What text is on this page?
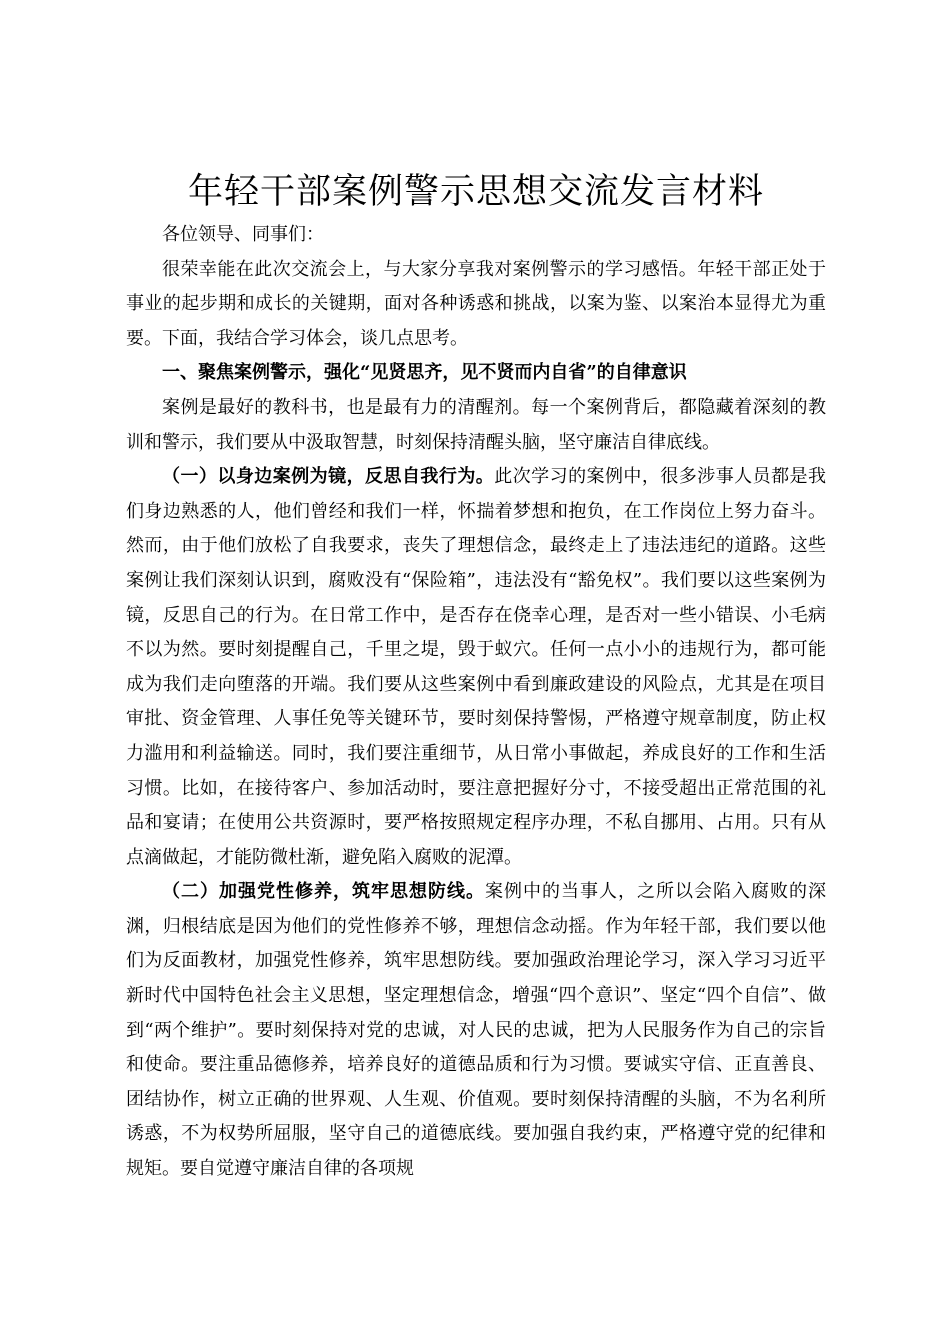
年轻干部案例警示思想交流发言材料

各位领导、同事们：

很荣幸能在此次交流会上，与大家分享我对案例警示的学习感悟。年轻干部正处于事业的起步期和成长的关键期，面对各种诱惑和挑战，以案为鉴、以案治本显得尤为重要。下面，我结合学习体会，谈几点思考。

一、聚焦案例警示，强化“见贤思齐，见不贤而内自省”的自律意识

案例是最好的教科书，也是最有力的清醒剂。每一个案例背后，都隐藏着深刻的教训和警示，我们要从中汲取智慧，时刻保持清醒头脑，坚守廉洁自律底线。

（一）以身边案例为镜，反思自我行为。此次学习的案例中，很多涉事人员都是我们身边熟悉的人，他们曾经和我们一样，怀揣着梦想和抱负，在工作岗位上努力奋斗。然而，由于他们放松了自我要求，丧失了理想信念，最终走上了违法违纪的道路。这些案例让我们深刻认识到，腐败没有“保险箱”，违法没有“豁免权”。我们要以这些案例为镜，反思自己的行为。在日常工作中，是否存在侥幸心理，是否对一些小错误、小毛病不以为然。要时刻提醒自己，千里之堤，毁于蚁穴。任何一点小小的违规行为，都可能成为我们走向堕落的开端。我们要从这些案例中看到廉政建设的风险点，尤其是在项目审批、资金管理、人事任免等关键环节，要时刻保持警惕，严格遵守规章制度，防止权力滥用和利益输送。同时，我们要注重细节，从日常小事做起，养成良好的工作和生活习惯。比如，在接待客户、参加活动时，要注意把握好分寸，不接受超出正常范围的礼品和宴请；在使用公共资源时，要严格按照规定程序办理，不私自挪用、占用。只有从点滴做起，才能防微杜渐，避免陷入腐败的泥潭。

（二）加强党性修养，筑牢思想防线。案例中的当事人，之所以会陷入腐败的深渊，归根结底是因为他们的党性修养不够，理想信念动摇。作为年轻干部，我们要以他们为反面教材，加强党性修养，筑牢思想防线。要加强政治理论学习，深入学习习近平新时代中国特色社会主义思想，坚定理想信念，增强“四个意识”、坚定“四个自信”、做到“两个维护”。要时刻保持对党的忠诚，对人民的忠诚，把为人民服务作为自己的宗旨和使命。要注重品德修养，培养良好的道德品质和行为习惯。要诚实守信、正直善良、团结协作，树立正确的世界观、人生观、价值观。要时刻保持清醒的头脑，不为名利所诱惑，不为权势所屈服，坚守自己的道德底线。要加强自我约束，严格遵守党的纪律和规矩。要自觉遵守廉洁自律的各项规
